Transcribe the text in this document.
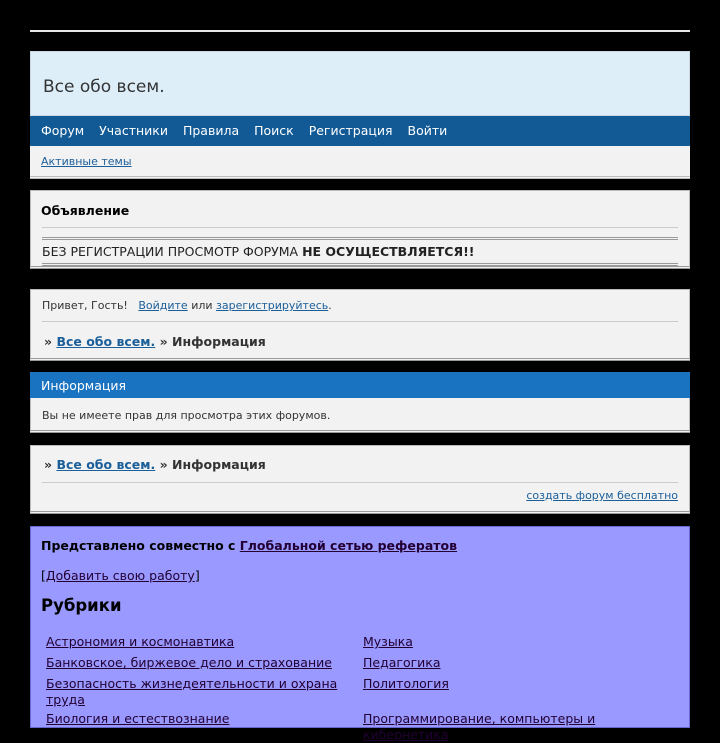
Все обо всем.
Форум Участники Правила Поиск Регистрация Войти
Активные темы
Объявление
БЕЗ РЕГИСТРАЦИИ ПРОСМОТР ФОРУМА НЕ ОСУЩЕСТВЛЯЕТСЯ!!
Привет, Гость! Войдите или зарегистрируйтесь.
» Все обо всем. » Информация
Информация
Вы не имеете прав для просмотра этих форумов.
» Все обо всем. » Информация
создать форум бесплатно
Представлено совместно с Глобальной сетью рефератов
[Добавить свою работу]
Рубрики
Астрономия и космонавтика
Банковское, биржевое дело и страхование
Безопасность жизнедеятельности и охрана труда
Биология и естествознание
Музыка
Педагогика
Политология
Программирование, компьютеры и кибернетика
